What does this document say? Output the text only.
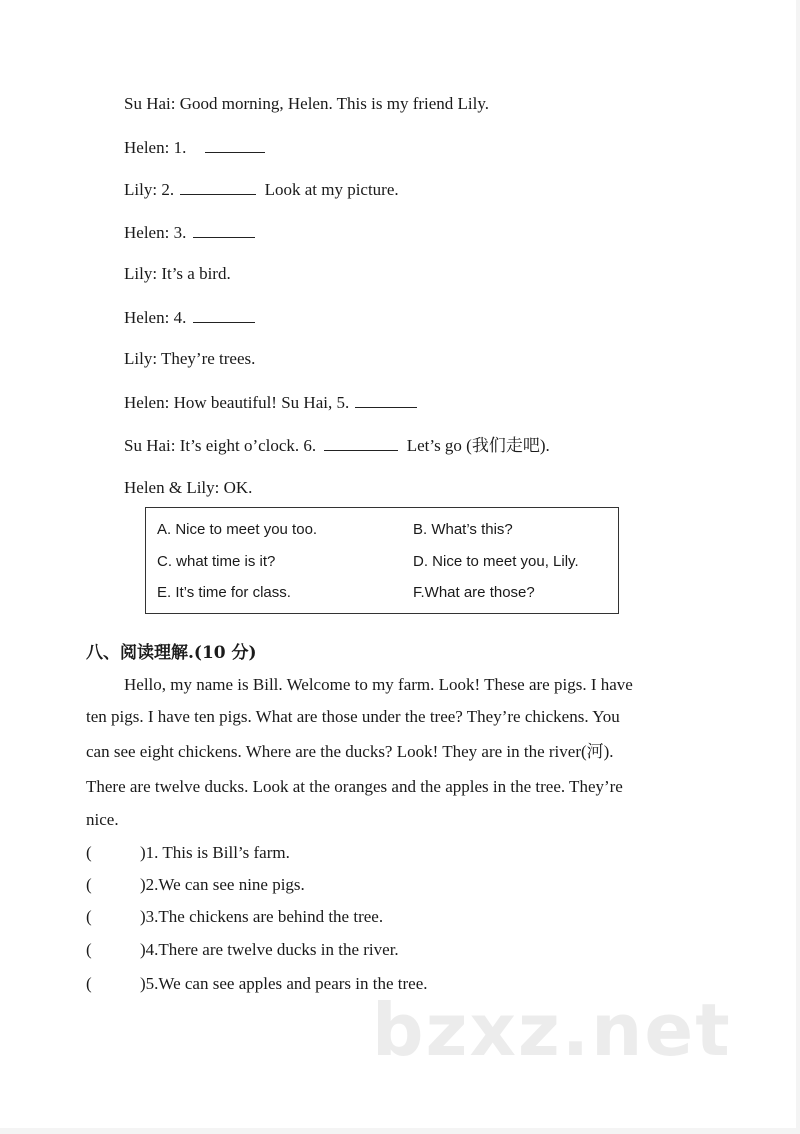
Su Hai: Good morning, Helen. This is my friend Lily.
Helen: 1.
Lily: 2.	Look at my picture.
Helen: 3.
Lily: It’s a bird.
Helen: 4.
Lily: They’re trees.
Helen: How beautiful! Su Hai, 5.
Su Hai: It’s eight o’clock. 6.	Let’s go (我们走吧).
Helen & Lily: OK.
A. Nice to meet you too.	B. What’s this?
C. what time is it?	D. Nice to meet you, Lily.
E. It’s time for class.	F.What are those?
八、阅读理解.(10 分)
Hello, my name is Bill. Welcome to my farm. Look! These are pigs. I have
ten pigs. I have ten pigs. What are those under the tree? They’re chickens. You
can see eight chickens. Where are the ducks? Look! They are in the river(河).
There are twelve ducks. Look at the oranges and the apples in the tree. They’re
nice.
(	)1. This is Bill’s farm.
(	)2.We can see nine pigs.
(	)3.The chickens are behind the tree.
(	)4.There are twelve ducks in the river.
(	)5.We can see apples and pears in the tree.
bzxz.net
